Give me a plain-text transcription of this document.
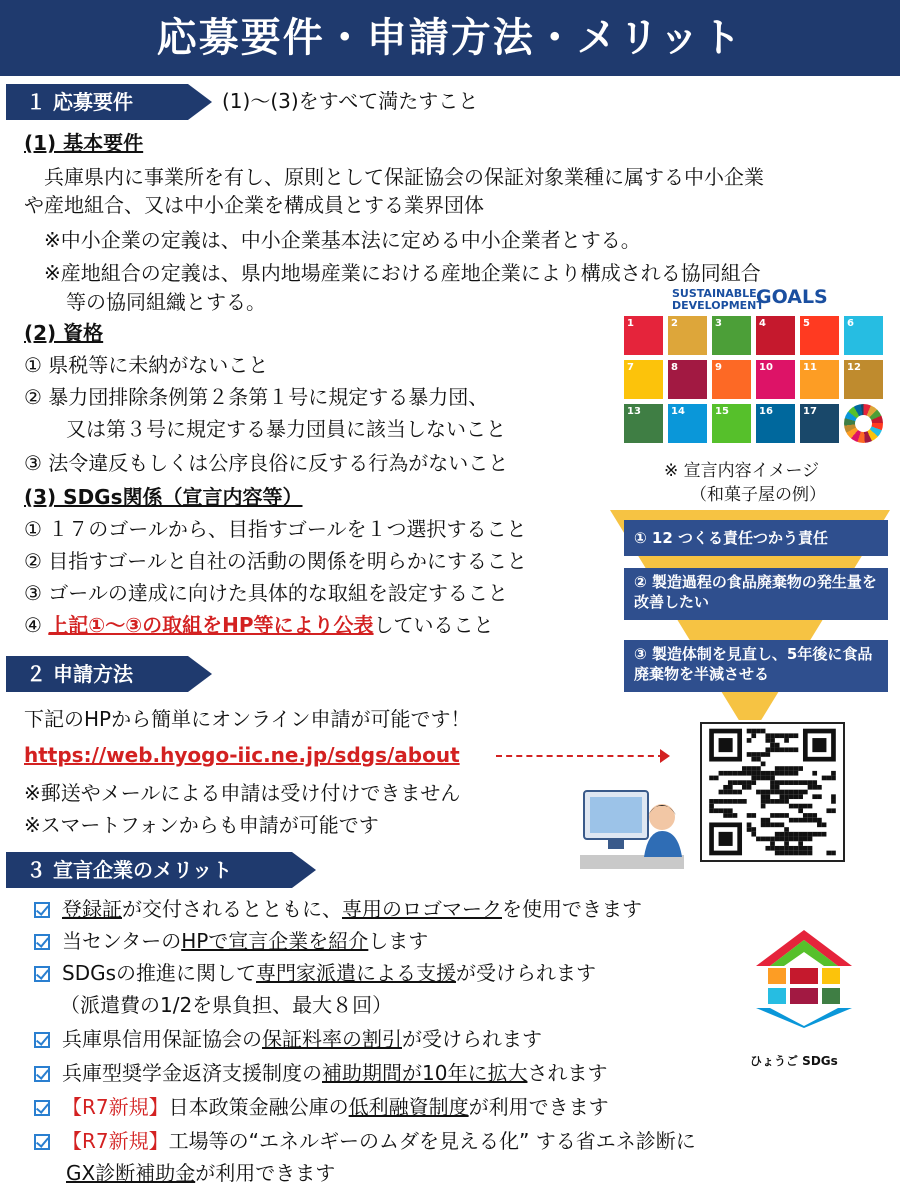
応募要件・申請方法・メリット
１ 応募要件	(1)～(3)をすべて満たすこと
(1) 基本要件
兵庫県内に事業所を有し、原則として保証協会の保証対象業種に属する中小企業
や産地組合、又は中小企業を構成員とする業界団体
※中小企業の定義は、中小企業基本法に定める中小企業者とする。
※産地組合の定義は、県内地場産業における産地企業により構成される協同組合
等の協同組織とする。
(2) 資格
① 県税等に未納がないこと
② 暴力団排除条例第２条第１号に規定する暴力団、
又は第３号に規定する暴力団員に該当しないこと
③ 法令違反もしくは公序良俗に反する行為がないこと
(3) SDGs関係（宣言内容等）
① １７のゴールから、目指すゴールを１つ選択すること
② 目指すゴールと自社の活動の関係を明らかにすること
③ ゴールの達成に向けた具体的な取組を設定すること
④ 上記①～③の取組をHP等により公表していること
SUSTAINABLE
DEVELOPMENT
GOALS
1	2	3	4	5	6
7	8	9	10	11	12
13	14	15	16	17
※ 宣言内容イメージ
（和菓子屋の例）
① 12 つくる責任つかう責任
② 製造過程の食品廃棄物の発生量を改善したい
③ 製造体制を見直し、5年後に食品廃棄物を半減させる
２ 申請方法
下記のHPから簡単にオンライン申請が可能です！
https://web.hyogo-iic.ne.jp/sdgs/about
※郵送やメールによる申請は受け付けできません
※スマートフォンからも申請が可能です
３ 宣言企業のメリット
登録証が交付されるとともに、専用のロゴマークを使用できます
当センターのHPで宣言企業を紹介します
SDGsの推進に関して専門家派遣による支援が受けられます
（派遣費の1/2を県負担、最大８回）
兵庫県信用保証協会の保証料率の割引が受けられます
兵庫型奨学金返済支援制度の補助期間が10年に拡大されます
【R7新規】日本政策金融公庫の低利融資制度が利用できます
【R7新規】工場等の“エネルギーのムダを見える化” する省エネ診断に
GX診断補助金が利用できます
ひょうご SDGs
